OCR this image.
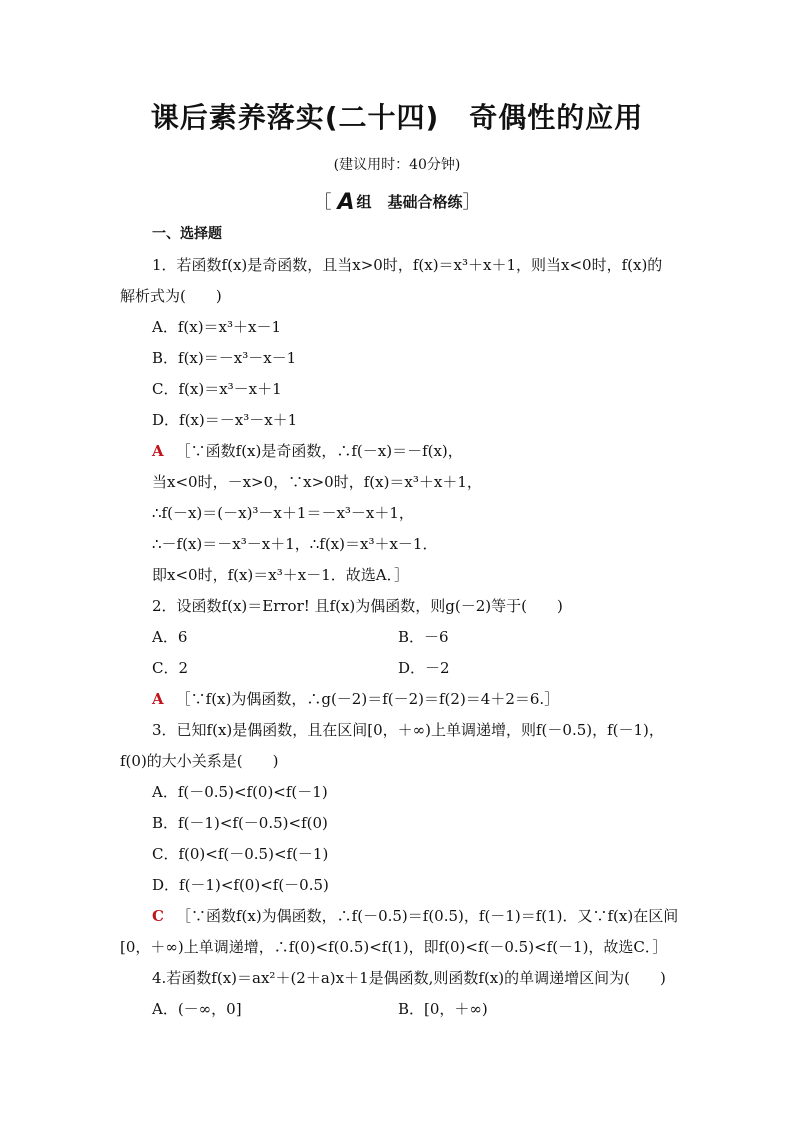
课后素养落实(二十四) 奇偶性的应用
(建议用时：40分钟)
［ A 组 基础合格练］
一、选择题
1．若函数f(x)是奇函数，且当x>0时，f(x)＝x³＋x＋1，则当x<0时，f(x)的
解析式为(　　)
A．f(x)＝x³＋x－1
B．f(x)＝－x³－x－1
C．f(x)＝x³－x＋1
D．f(x)＝－x³－x＋1
A ［∵函数f(x)是奇函数，∴f(－x)＝－f(x)，
当x<0时，－x>0，∵x>0时，f(x)＝x³＋x＋1，
∴f(－x)＝(－x)³－x＋1＝－x³－x＋1，
∴－f(x)＝－x³－x＋1，∴f(x)＝x³＋x－1．
即x<0时，f(x)＝x³＋x－1．故选A．］
2．设函数f(x)＝Error! 且f(x)为偶函数，则g(－2)等于(　　)
A．6	B．－6
C．2	D．－2
A ［∵f(x)为偶函数，∴g(－2)＝f(－2)＝f(2)＝4＋2＝6.］
3．已知f(x)是偶函数，且在区间[0，＋∞)上单调递增，则f(－0.5)，f(－1)，
f(0)的大小关系是(　　)
A．f(－0.5)<f(0)<f(－1)
B．f(－1)<f(－0.5)<f(0)
C．f(0)<f(－0.5)<f(－1)
D．f(－1)<f(0)<f(－0.5)
C ［∵函数f(x)为偶函数，∴f(－0.5)＝f(0.5)，f(－1)＝f(1)．又∵f(x)在区间
[0，＋∞)上单调递增，∴f(0)<f(0.5)<f(1)，即f(0)<f(－0.5)<f(－1)，故选C．］
4.若函数f(x)＝ax²＋(2＋a)x＋1是偶函数,则函数f(x)的单调递增区间为(　　)
A．(－∞，0]	B．[0，＋∞)
